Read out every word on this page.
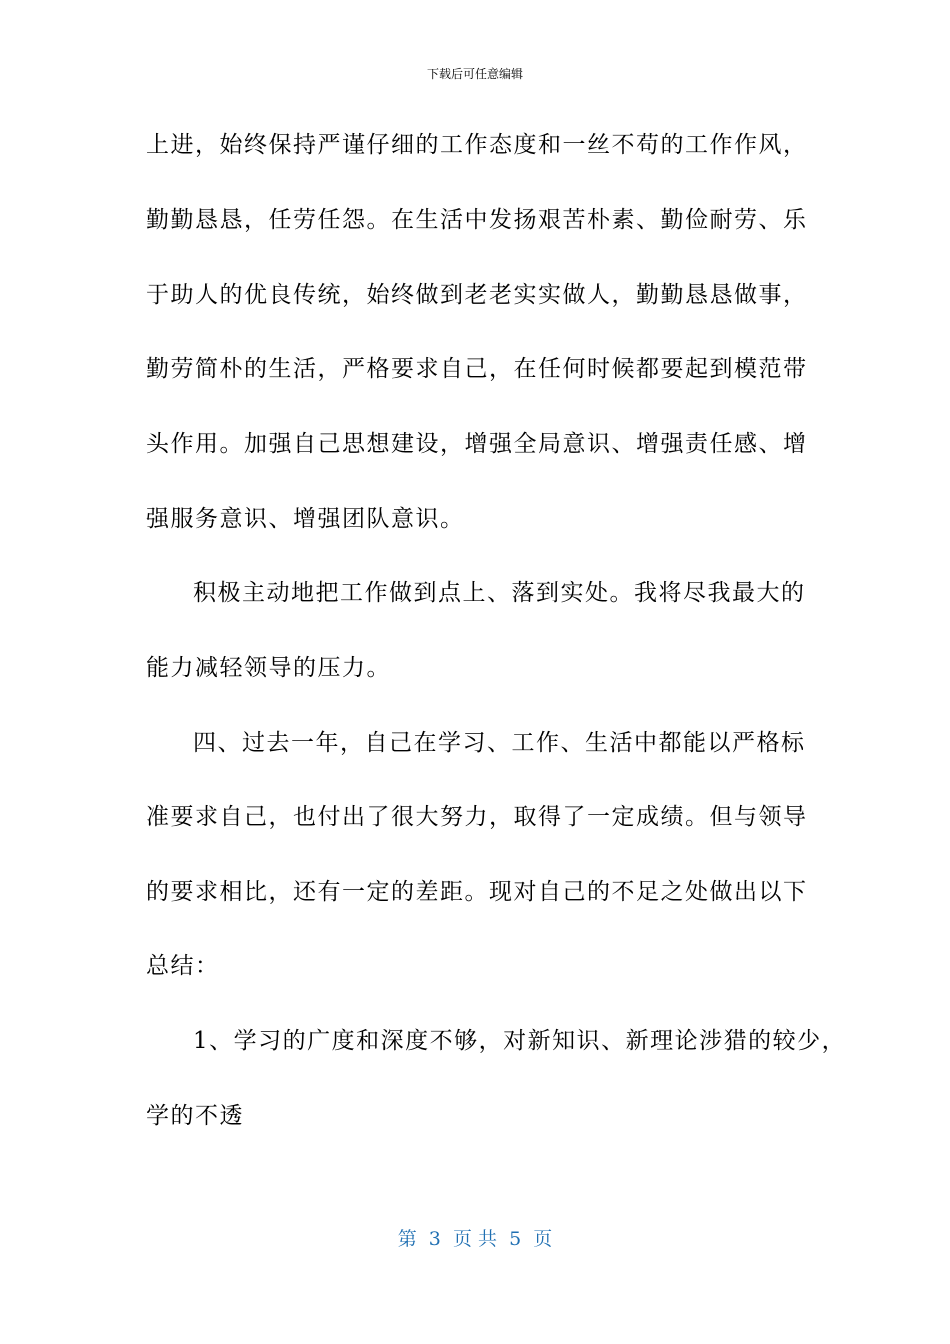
下载后可任意编辑
上进，始终保持严谨仔细的工作态度和一丝不苟的工作作风，
勤勤恳恳，任劳任怨。在生活中发扬艰苦朴素、勤俭耐劳、乐
于助人的优良传统，始终做到老老实实做人，勤勤恳恳做事，
勤劳简朴的生活，严格要求自己，在任何时候都要起到模范带
头作用。加强自己思想建设，增强全局意识、增强责任感、增
强服务意识、增强团队意识。
积极主动地把工作做到点上、落到实处。我将尽我最大的
能力减轻领导的压力。
四、过去一年，自己在学习、工作、生活中都能以严格标
准要求自己，也付出了很大努力，取得了一定成绩。但与领导
的要求相比，还有一定的差距。现对自己的不足之处做出以下
总结：
1、学习的广度和深度不够，对新知识、新理论涉猎的较少，
学的不透
第  3  页 共  5  页
